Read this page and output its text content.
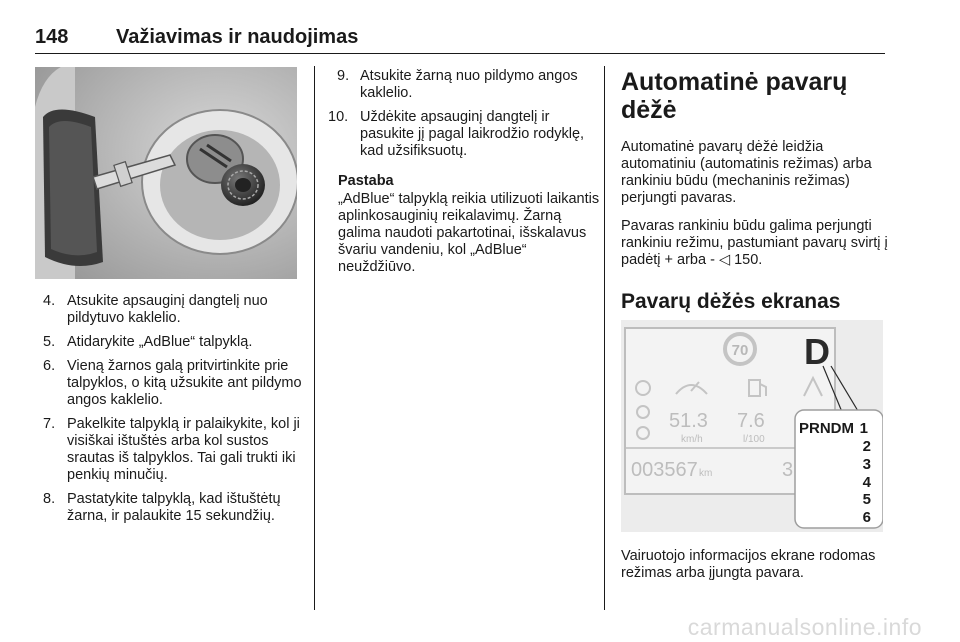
148 Važiavimas ir naudojimas
4. Atsukite apsauginį dangtelį nuo pildytuvo kaklelio.
5. Atidarykite „AdBlue“ talpyklą.
6. Vieną žarnos galą pritvirtinkite prie talpyklos, o kitą užsukite ant pildymo angos kaklelio.
7. Pakelkite talpyklą ir palaikykite, kol ji visiškai ištuštės arba kol sustos srautas iš talpyklos. Tai gali trukti iki penkių minučių.
8. Pastatykite talpyklą, kad ištuštėtų žarna, ir palaukite 15 sekundžių.
9. Atsukite žarną nuo pildymo angos kaklelio.
10. Uždėkite apsauginį dangtelį ir pasukite jį pagal laikrodžio rodyklę, kad užsifiksuotų.
Pastaba
„AdBlue“ talpyklą reikia utilizuoti laikantis aplinkosauginių reikalavimų. Žarną galima naudoti pakartotinai, išskalavus švariu vandeniu, kol „AdBlue“ neuždžiūvo.
Automatinė pavarų dėžė
Automatinė pavarų dėžė leidžia automatiniu (automatinis režimas) arba rankiniu būdu (mechaninis režimas) perjungti pavaras.
Pavaras rankiniu būdu galima perjungti rankiniu režimu, pastumiant pavarų svirtį į padėtį + arba - ◁ 150.
Pavarų dėžės ekranas
70 D
51.3
km/h
7.6
l/100
003567 km	3
PRNDM 1
2
3
4
5
6
Vairuotojo informacijos ekrane rodomas režimas arba įjungta pavara.
carmanualsonline.info
